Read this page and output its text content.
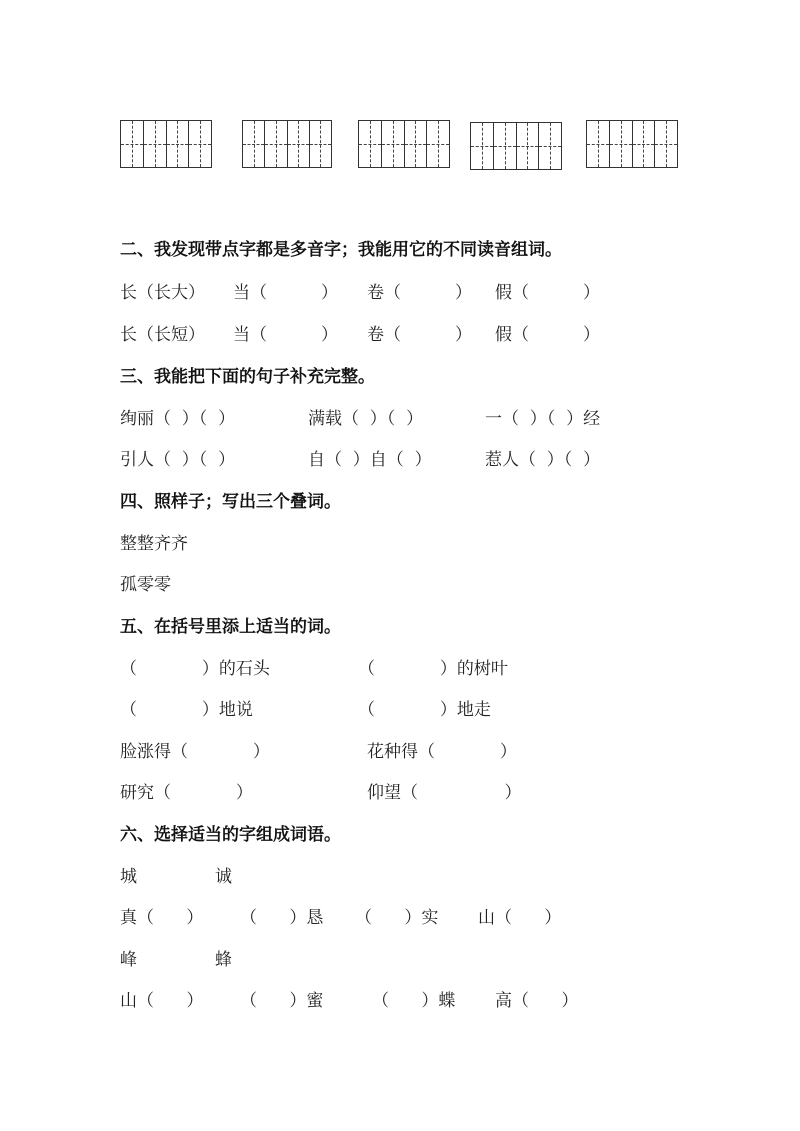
二、我发现带点字都是多音字；我能用它的不同读音组词。
长（长大） 当（          ） 卷（          ） 假（          ）
长（长短） 当（          ） 卷（          ） 假（          ）
三、我能把下面的句子补充完整。
绚丽（  ）（  ）	满载（  ）（  ）	一（  ）（  ）经
引人（  ）（  ）	自（  ）自（  ）	惹人（  ）（  ）
四、照样子；写出三个叠词。
整整齐齐
孤零零
五、在括号里添上适当的词。
（            ）的石头	（            ）的树叶
（            ）地说	（            ）地走
脸涨得（            ）	花种得（            ）
研究（            ）	仰望（                ）
六、选择适当的字组成词语。
城	诚
真（      ） （      ）恳 （      ）实 山（      ）
峰	蜂
山（      ） （      ）蜜	（      ）蝶 高（      ）
